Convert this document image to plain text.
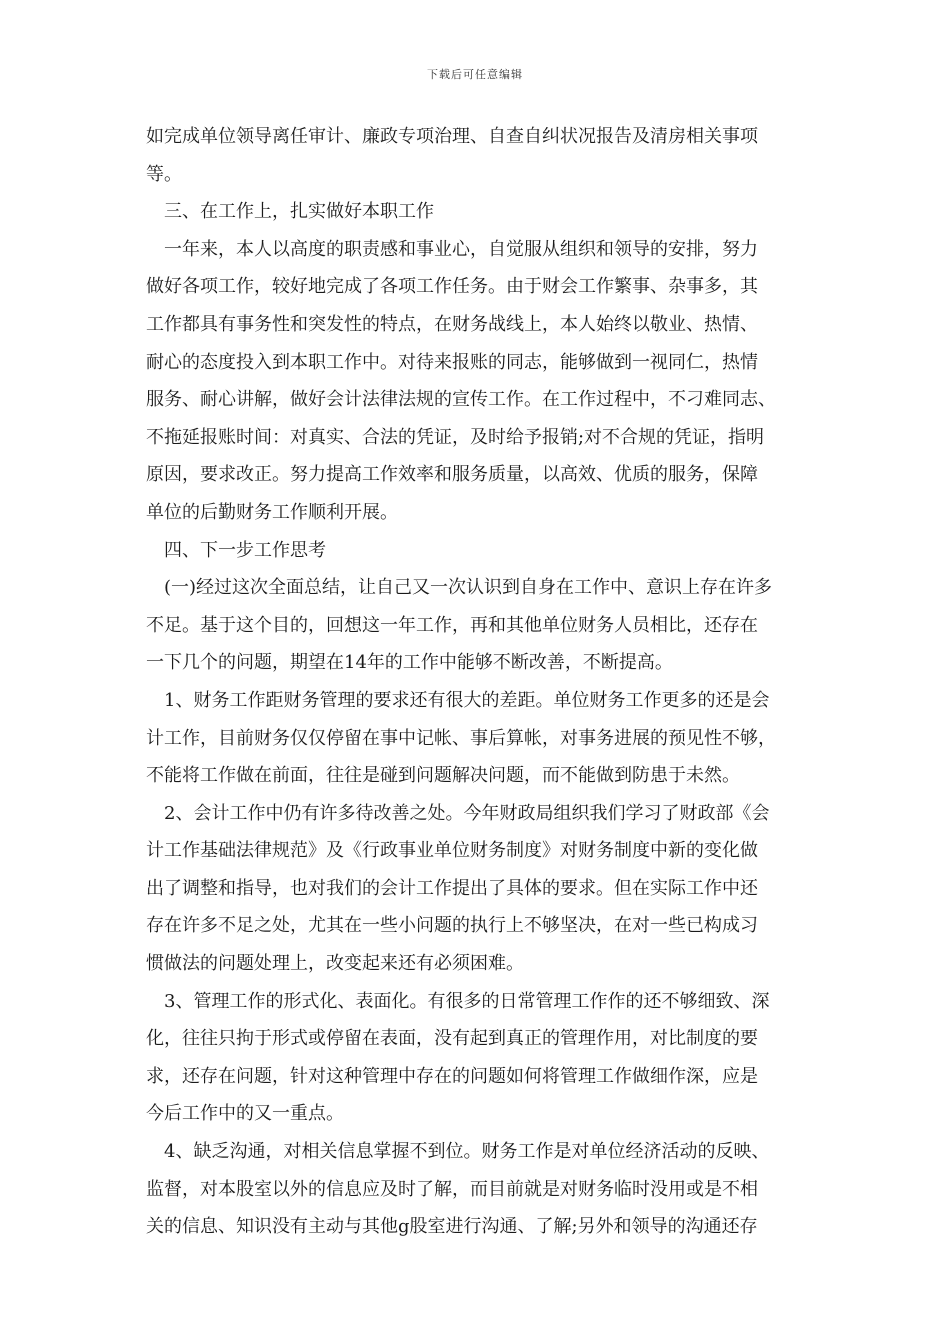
下载后可任意编辑
如完成单位领导离任审计、廉政专项治理、自查自纠状况报告及清房相关事项
等。
三、在工作上，扎实做好本职工作
一年来，本人以高度的职责感和事业心，自觉服从组织和领导的安排，努力
做好各项工作，较好地完成了各项工作任务。由于财会工作繁事、杂事多，其
工作都具有事务性和突发性的特点，在财务战线上，本人始终以敬业、热情、
耐心的态度投入到本职工作中。对待来报账的同志，能够做到一视同仁，热情
服务、耐心讲解，做好会计法律法规的宣传工作。在工作过程中，不刁难同志、
不拖延报账时间：对真实、合法的凭证，及时给予报销;对不合规的凭证，指明
原因，要求改正。努力提高工作效率和服务质量，以高效、优质的服务，保障
单位的后勤财务工作顺利开展。
四、下一步工作思考
(一)经过这次全面总结，让自己又一次认识到自身在工作中、意识上存在许多
不足。基于这个目的，回想这一年工作，再和其他单位财务人员相比，还存在
一下几个的问题，期望在14年的工作中能够不断改善，不断提高。
1、财务工作距财务管理的要求还有很大的差距。单位财务工作更多的还是会
计工作，目前财务仅仅停留在事中记帐、事后算帐，对事务进展的预见性不够，
不能将工作做在前面，往往是碰到问题解决问题，而不能做到防患于未然。
2、会计工作中仍有许多待改善之处。今年财政局组织我们学习了财政部《会
计工作基础法律规范》及《行政事业单位财务制度》对财务制度中新的变化做
出了调整和指导，也对我们的会计工作提出了具体的要求。但在实际工作中还
存在许多不足之处，尤其在一些小问题的执行上不够坚决，在对一些已构成习
惯做法的问题处理上，改变起来还有必须困难。
3、管理工作的形式化、表面化。有很多的日常管理工作作的还不够细致、深
化，往往只拘于形式或停留在表面，没有起到真正的管理作用，对比制度的要
求，还存在问题，针对这种管理中存在的问题如何将管理工作做细作深，应是
今后工作中的又一重点。
4、缺乏沟通，对相关信息掌握不到位。财务工作是对单位经济活动的反映、
监督，对本股室以外的信息应及时了解，而目前就是对财务临时没用或是不相
关的信息、知识没有主动与其他g股室进行沟通、了解;另外和领导的沟通还存
